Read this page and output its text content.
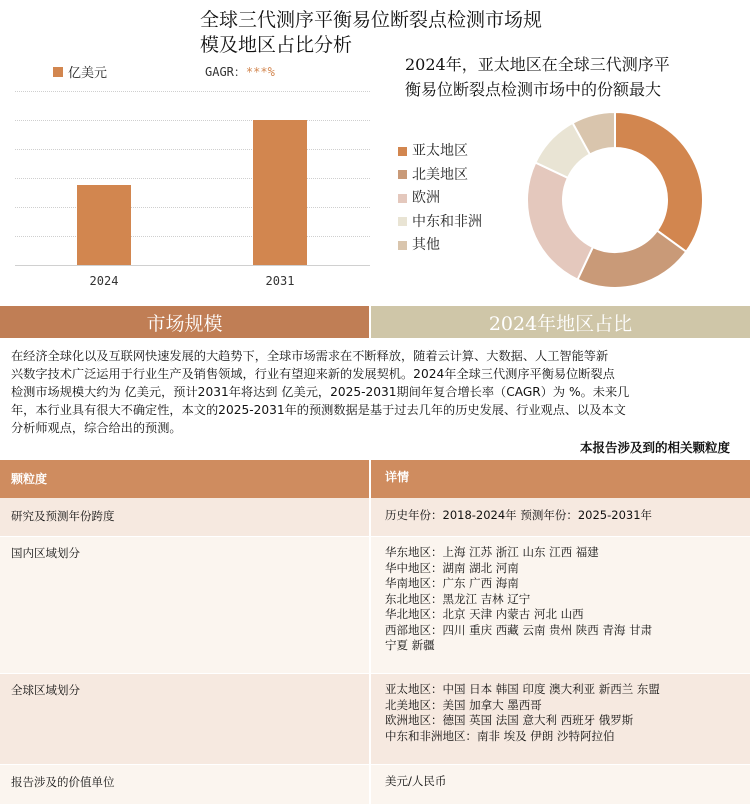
全球三代测序平衡易位断裂点检测市场规
模及地区占比分析
亿美元	GAGR：***%
2024	2031
2024年，亚太地区在全球三代测序平
衡易位断裂点检测市场中的份额最大
亚太地区
北美地区
欧洲
中东和非洲
其他
市场规模	2024年地区占比
在经济全球化以及互联网快速发展的大趋势下，全球市场需求在不断释放，随着云计算、大数据、人工智能等新
兴数字技术广泛运用于行业生产及销售领域，行业有望迎来新的发展契机。2024年全球三代测序平衡易位断裂点
检测市场规模大约为 亿美元，预计2031年将达到 亿美元，2025-2031期间年复合增长率（CAGR）为 %。未来几
年，本行业具有很大不确定性，本文的2025-2031年的预测数据是基于过去几年的历史发展、行业观点、以及本文
分析师观点，综合给出的预测。
本报告涉及到的相关颗粒度
颗粒度	详情
研究及预测年份跨度	历史年份：2018-2024年 预测年份：2025-2031年
国内区域划分	华东地区：上海 江苏 浙江 山东 江西 福建
华中地区：湖南 湖北 河南
华南地区：广东 广西 海南
东北地区：黑龙江 吉林 辽宁
华北地区：北京 天津 内蒙古 河北 山西
西部地区：四川 重庆 西藏 云南 贵州 陕西 青海 甘肃
宁夏 新疆
全球区域划分	亚太地区：中国 日本 韩国 印度 澳大利亚 新西兰 东盟
北美地区：美国 加拿大 墨西哥
欧洲地区：德国 英国 法国 意大利 西班牙 俄罗斯
中东和非洲地区：南非 埃及 伊朗 沙特阿拉伯
报告涉及的价值单位	美元/人民币
